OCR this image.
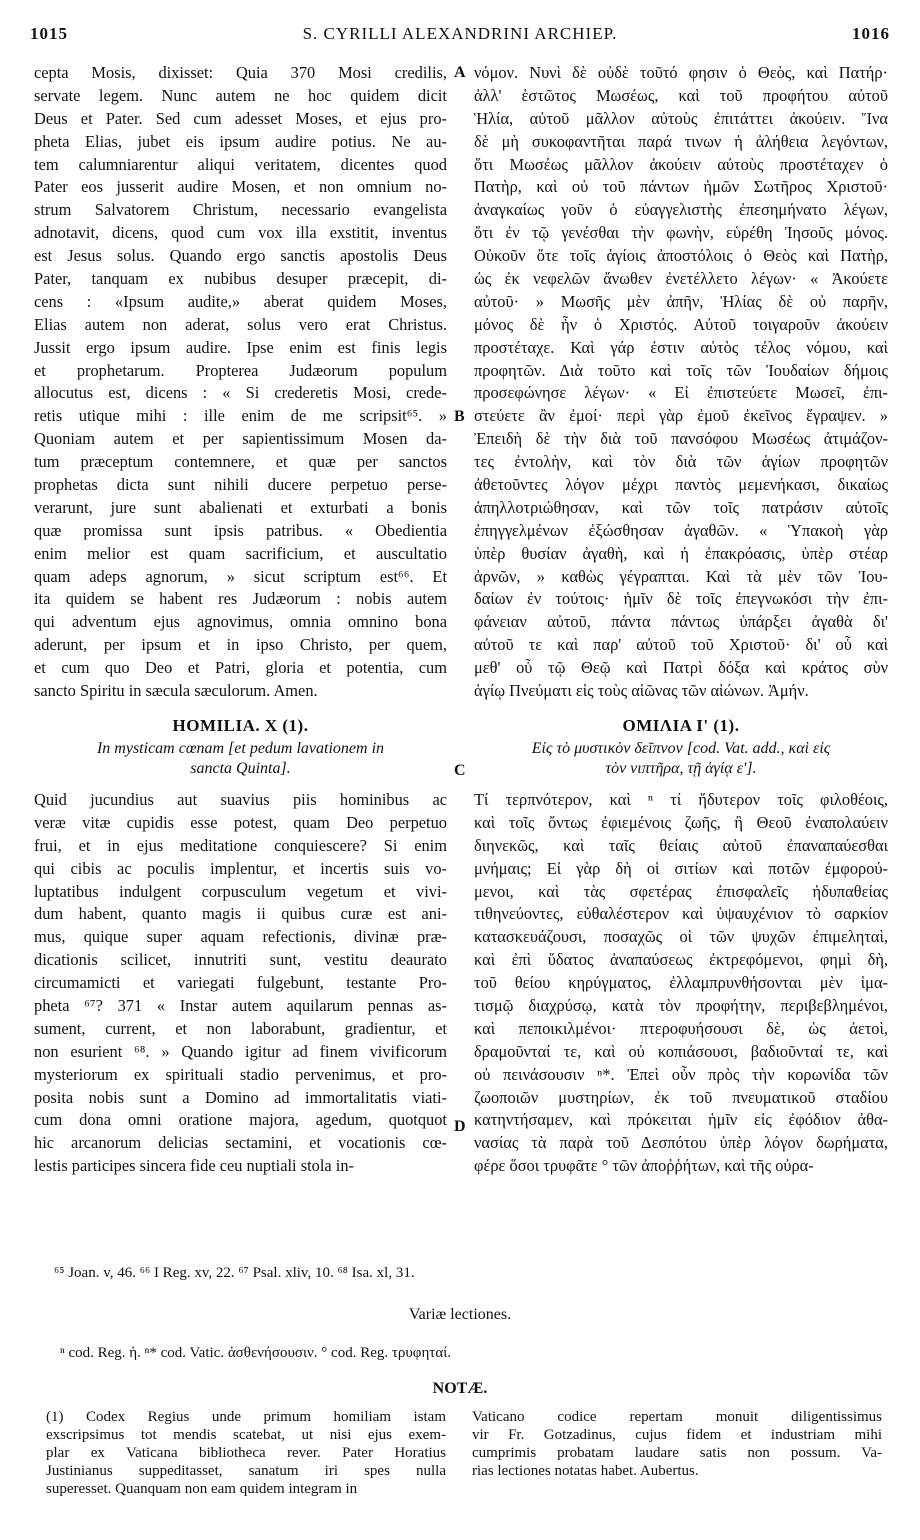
1015	S. CYRILLI ALEXANDRINI ARCHIEP.	1016
cepta Mosis, dixisset: Quia 370 Mosi credilis,
servate legem. Nunc autem ne hoc quidem dicit
Deus et Pater. Sed cum adesset Moses, et ejus pro-
pheta Elias, jubet eis ipsum audire potius. Ne au-
tem calumniarentur aliqui veritatem, dicentes quod
Pater eos jusserit audire Mosen, et non omnium no-
strum Salvatorem Christum, necessario evangelista
adnotavit, dicens, quod cum vox illa exstitit, inventus
est Jesus solus. Quando ergo sanctis apostolis Deus
Pater, tanquam ex nubibus desuper præcepit, di-
cens : «Ipsum audite,» aberat quidem Moses,
Elias autem non aderat, solus vero erat Christus.
Jussit ergo ipsum audire. Ipse enim est finis legis
et prophetarum. Propterea Judæorum populum
allocutus est, dicens : « Si crederetis Mosi, crede-
retis utique mihi : ille enim de me scripsit⁶⁵. »
Quoniam autem et per sapientissimum Mosen da-
tum præceptum contemnere, et quæ per sanctos
prophetas dicta sunt nihili ducere perpetuo perse-
verarunt, jure sunt abalienati et exturbati a bonis
quæ promissa sunt ipsis patribus. « Obedientia
enim melior est quam sacrificium, et auscultatio
quam adeps agnorum, » sicut scriptum est⁶⁶. Et
ita quidem se habent res Judæorum : nobis autem
qui adventum ejus agnovimus, omnia omnino bona
aderunt, per ipsum et in ipso Christo, per quem,
et cum quo Deo et Patri, gloria et potentia, cum
sancto Spiritu in sæcula sæculorum. Amen.
HOMILIA. X (1).
In mysticam cœnam [et pedum lavationem in
sancta Quinta].
Quid jucundius aut suavius piis hominibus ac
veræ vitæ cupidis esse potest, quam Deo perpetuo
frui, et in ejus meditatione conquiescere? Si enim
qui cibis ac poculis implentur, et incertis suis vo-
luptatibus indulgent corpusculum vegetum et vivi-
dum habent, quanto magis ii quibus curæ est ani-
mus, quique super aquam refectionis, divinæ præ-
dicationis scilicet, innutriti sunt, vestitu deaurato
circumamicti et variegati fulgebunt, testante Pro-
pheta ⁶⁷? 371 « Instar autem aquilarum pennas as-
sument, current, et non laborabunt, gradientur, et
non esurient ⁶⁸. » Quando igitur ad finem vivificorum
mysteriorum ex spirituali stadio pervenimus, et pro-
posita nobis sunt a Domino ad immortalitatis viati-
cum dona omni oratione majora, agedum, quotquot
hic arcanorum delicias sectamini, et vocationis cœ-
lestis participes sincera fide ceu nuptiali stola in-
νόμον. Νυνὶ δὲ οὐδὲ τοῦτό φησιν ὁ Θεὸς, καὶ Πατήρ·
ἀλλ' ἑστῶτος Μωσέως, καὶ τοῦ προφήτου αὐτοῦ
Ἡλία, αὐτοῦ μᾶλλον αὐτοὺς ἐπιτάττει ἀκούειν. Ἵνα
δὲ μὴ συκοφαντῆται παρά τινων ἡ ἀλήθεια λεγόντων,
ὅτι Μωσέως μᾶλλον ἀκούειν αὐτοὺς προστέταχεν ὁ
Πατὴρ, καὶ οὐ τοῦ πάντων ἡμῶν Σωτῆρος Χριστοῦ·
ἀναγκαίως γοῦν ὁ εὐαγγελιστὴς ἐπεσημήνατο λέγων,
ὅτι ἐν τῷ γενέσθαι τὴν φωνὴν, εὑρέθη Ἰησοῦς μόνος.
Οὐκοῦν ὅτε τοῖς ἁγίοις ἀποστόλοις ὁ Θεὸς καὶ Πατὴρ,
ὡς ἐκ νεφελῶν ἄνωθεν ἐνετέλλετο λέγων· « Ἀκούετε
αὐτοῦ· » Μωσῆς μὲν ἀπῆν, Ἠλίας δὲ οὐ παρῆν,
μόνος δὲ ἦν ὁ Χριστός. Αὐτοῦ τοιγαροῦν ἀκούειν
προστέταχε. Καὶ γάρ ἐστιν αὐτὸς τέλος νόμου, καὶ
προφητῶν. Διὰ τοῦτο καὶ τοῖς τῶν Ἰουδαίων δήμοις
προσεφώνησε λέγων· « Εἰ ἐπιστεύετε Μωσεῖ, ἐπι-
στεύετε ἂν ἐμοί· περὶ γὰρ ἐμοῦ ἐκεῖνος ἔγραψεν. »
Ἐπειδὴ δὲ τὴν διὰ τοῦ πανσόφου Μωσέως ἀτιμάζον-
τες ἐντολὴν, καὶ τὸν διὰ τῶν ἁγίων προφητῶν
ἀθετοῦντες λόγον μέχρι παντὸς μεμενήκασι, δικαίως
ἀπηλλοτριώθησαν, καὶ τῶν τοῖς πατράσιν αὐτοῖς
ἐπηγγελμένων ἐξώσθησαν ἀγαθῶν. « Ὑπακοὴ γὰρ
ὑπὲρ θυσίαν ἀγαθὴ, καὶ ἡ ἐπακρόασις, ὑπὲρ στέαρ
ἀρνῶν, » καθὼς γέγραπται. Καὶ τὰ μὲν τῶν Ἰου-
δαίων ἐν τούτοις· ἡμῖν δὲ τοῖς ἐπεγνωκόσι τὴν ἐπι-
φάνειαν αὐτοῦ, πάντα πάντως ὑπάρξει ἀγαθὰ δι'
αὐτοῦ τε καὶ παρ' αὐτοῦ τοῦ Χριστοῦ· δι' οὗ καὶ
μεθ' οὗ τῷ Θεῷ καὶ Πατρὶ δόξα καὶ κράτος σὺν
ἁγίῳ Πνεύματι εἰς τοὺς αἰῶνας τῶν αἰώνων. Ἀμήν.
ΟΜΙΛΙΑ Ι' (1).
Εἰς τὸ μυστικὸν δεῖπνον [cod. Vat. add., καὶ εἰς
τὸν νιπτῆρα, τῇ ἁγίᾳ ε'].
Τί τερπνότερον, καὶ ⁿ τί ἥδυτερον τοῖς φιλοθέοις,
καὶ τοῖς ὄντως ἐφιεμένοις ζωῆς, ἢ Θεοῦ ἐναπολαύειν
διηνεκῶς, καὶ ταῖς θείαις αὐτοῦ ἐπαναπαύεσθαι
μνήμαις; Εἰ γὰρ δὴ οἱ σιτίων καὶ ποτῶν ἐμφορού-
μενοι, καὶ τὰς σφετέρας ἐπισφαλεῖς ἡδυπαθείας
τιθηνεύοντες, εὐθαλέστερον καὶ ὑψαυχένιον τὸ σαρκίον
κατασκευάζουσι, ποσαχῶς οἱ τῶν ψυχῶν ἐπιμεληταὶ,
καὶ ἐπὶ ὕδατος ἀναπαύσεως ἐκτρεφόμενοι, φημὶ δὴ,
τοῦ θείου κηρύγματος, ἐλλαμπρυνθήσονται μὲν ἱμα-
τισμῷ διαχρύσῳ, κατὰ τὸν προφήτην, περιβεβλημένοι,
καὶ πεποικιλμένοι· πτεροφυήσουσι δὲ, ὡς ἀετοὶ,
δραμοῦνταί τε, καὶ οὐ κοπιάσουσι, βαδιοῦνταί τε, καὶ
οὐ πεινάσουσιν ⁿ*. Ἐπεὶ οὖν πρὸς τὴν κορωνίδα τῶν
ζωοποιῶν μυστηρίων, ἐκ τοῦ πνευματικοῦ σταδίου
κατηντήσαμεν, καὶ πρόκειται ἡμῖν εἰς ἐφόδιον ἀθα-
νασίας τὰ παρὰ τοῦ Δεσπότου ὑπὲρ λόγον δωρήματα,
φέρε ὅσοι τρυφᾶτε ° τῶν ἀποῤῥήτων, καὶ τῆς οὐρα-
A
B
C
D
⁶⁵ Joan. v, 46. ⁶⁶ I Reg. xv, 22. ⁶⁷ Psal. xliv, 10. ⁶⁸ Isa. xl, 31.
Variæ lectiones.
ⁿ cod. Reg. ἡ. ⁿ* cod. Vatic. ἀσθενήσουσιν. ° cod. Reg. τρυφηταί.
NOTÆ.
(1) Codex Regius unde primum homiliam istam
exscripsimus tot mendis scatebat, ut nisi ejus exem-
plar ex Vaticana bibliotheca rever. Pater Horatius
Justinianus suppeditasset, sanatum iri spes nulla
superesset. Quanquam non eam quidem integram in
Vaticano codice repertam monuit diligentissimus
vir Fr. Gotzadinus, cujus fidem et industriam mihi
cumprimis probatam laudare satis non possum. Va-
rias lectiones notatas habet. Aubertus.
